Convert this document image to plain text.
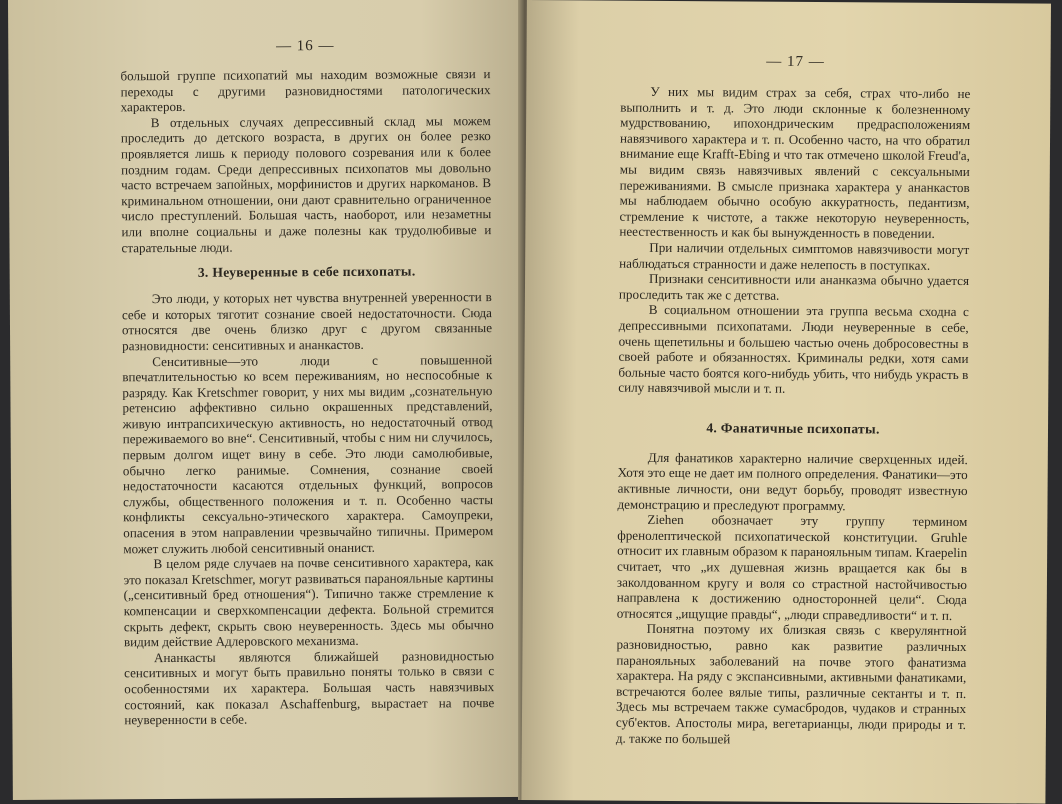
— 16 —

большой группе психопатий мы находим возможные связи и переходы с другими разновидностями патологических характеров.

В отдельных случаях депрессивный склад мы можем проследить до детского возраста, в других он более резко проявляется лишь к периоду полового созревания или к более поздним годам. Среди депрессивных психопатов мы довольно часто встречаем запойных, морфинистов и других наркоманов. В криминальном отношении, они дают сравнительно ограниченное число преступлений. Большая часть, наоборот, или незаметны или вполне социальны и даже полезны как трудолюбивые и старательные люди.

3. Неуверенные в себе психопаты.

Это люди, у которых нет чувства внутренней уверенности в себе и которых тяготит сознание своей недостаточности. Сюда относятся две очень близко друг с другом связанные разновидности: сенситивных и ананкастов.

Сенситивные—это люди с повышенной впечатлительностью ко всем переживаниям, но неспособные к разряду. Как Kretschmer говорит, у них мы видим „сознательную ретенсию аффективно сильно окрашенных представлений, живую интрапсихическую активность, но недостаточный отвод переживаемого во вне“. Сенситивный, чтобы с ним ни случилось, первым долгом ищет вину в себе. Это люди самолюбивые, обычно легко ранимые. Сомнения, сознание своей недостаточности касаются отдельных функций, вопросов службы, общественного положения и т. п. Особенно часты конфликты сексуально-этического характера. Самоупреки, опасения в этом направлении чрезвычайно типичны. Примером может служить любой сенситивный онанист.

В целом ряде случаев на почве сенситивного характера, как это показал Kretschmer, могут развиваться паранояльные картины („сенситивный бред отношения“). Типично также стремление к компенсации и сверхкомпенсации дефекта. Больной стремится скрыть дефект, скрыть свою неуверенность. Здесь мы обычно видим действие Адлеровского механизма.

Ананкасты являются ближайшей разновидностью сенситивных и могут быть правильно поняты только в связи с особенностями их характера. Большая часть навязчивых состояний, как показал Aschaffenburg, вырастает на почве неуверенности в себе.

— 17 —

У них мы видим страх за себя, страх что-либо не выполнить и т. д. Это люди склонные к болезненному мудрствованию, ипохондрическим предрасположениям навязчивого характера и т. п. Особенно часто, на что обратил внимание еще Krafft-Ebing и что так отмечено школой Freud'a, мы видим связь навязчивых явлений с сексуальными переживаниями. В смысле признака характера у ананкастов мы наблюдаем обычно особую аккуратность, педантизм, стремление к чистоте, а также некоторую неуверенность, неестественность и как бы вынужденность в поведении.

При наличии отдельных симптомов навязчивости могут наблюдаться странности и даже нелепость в поступках.

Признаки сенситивности или ананказма обычно удается проследить так же с детства.

В социальном отношении эта группа весьма сходна с депрессивными психопатами. Люди неуверенные в себе, очень щепетильны и большею частью очень добросовестны в своей работе и обязанностях. Криминалы редки, хотя сами больные часто боятся кого-нибудь убить, что нибудь украсть в силу навязчивой мысли и т. п.

4. Фанатичные психопаты.

Для фанатиков характерно наличие сверхценных идей. Хотя это еще не дает им полного определения. Фанатики—это активные личности, они ведут борьбу, проводят известную демонстрацию и преследуют программу.

Ziehen обозначает эту группу термином френолептической психопатической конституции. Gruhle относит их главным образом к паранояльным типам. Kraepelin считает, что „их душевная жизнь вращается как бы в заколдованном кругу и воля со страстной настойчивостью направлена к достижению односторонней цели“. Сюда относятся „ищущие правды“, „люди справедливости“ и т. п.

Понятна поэтому их близкая связь с кверулянтной разновидностью, равно как развитие различных паранояльных заболеваний на почве этого фанатизма характера. На ряду с экспансивными, активными фанатиками, встречаются более вялые типы, различные сектанты и т. п. Здесь мы встречаем также сумасбродов, чудаков и странных суб'ектов. Апостолы мира, вегетарианцы, люди природы и т. д. также по большей
